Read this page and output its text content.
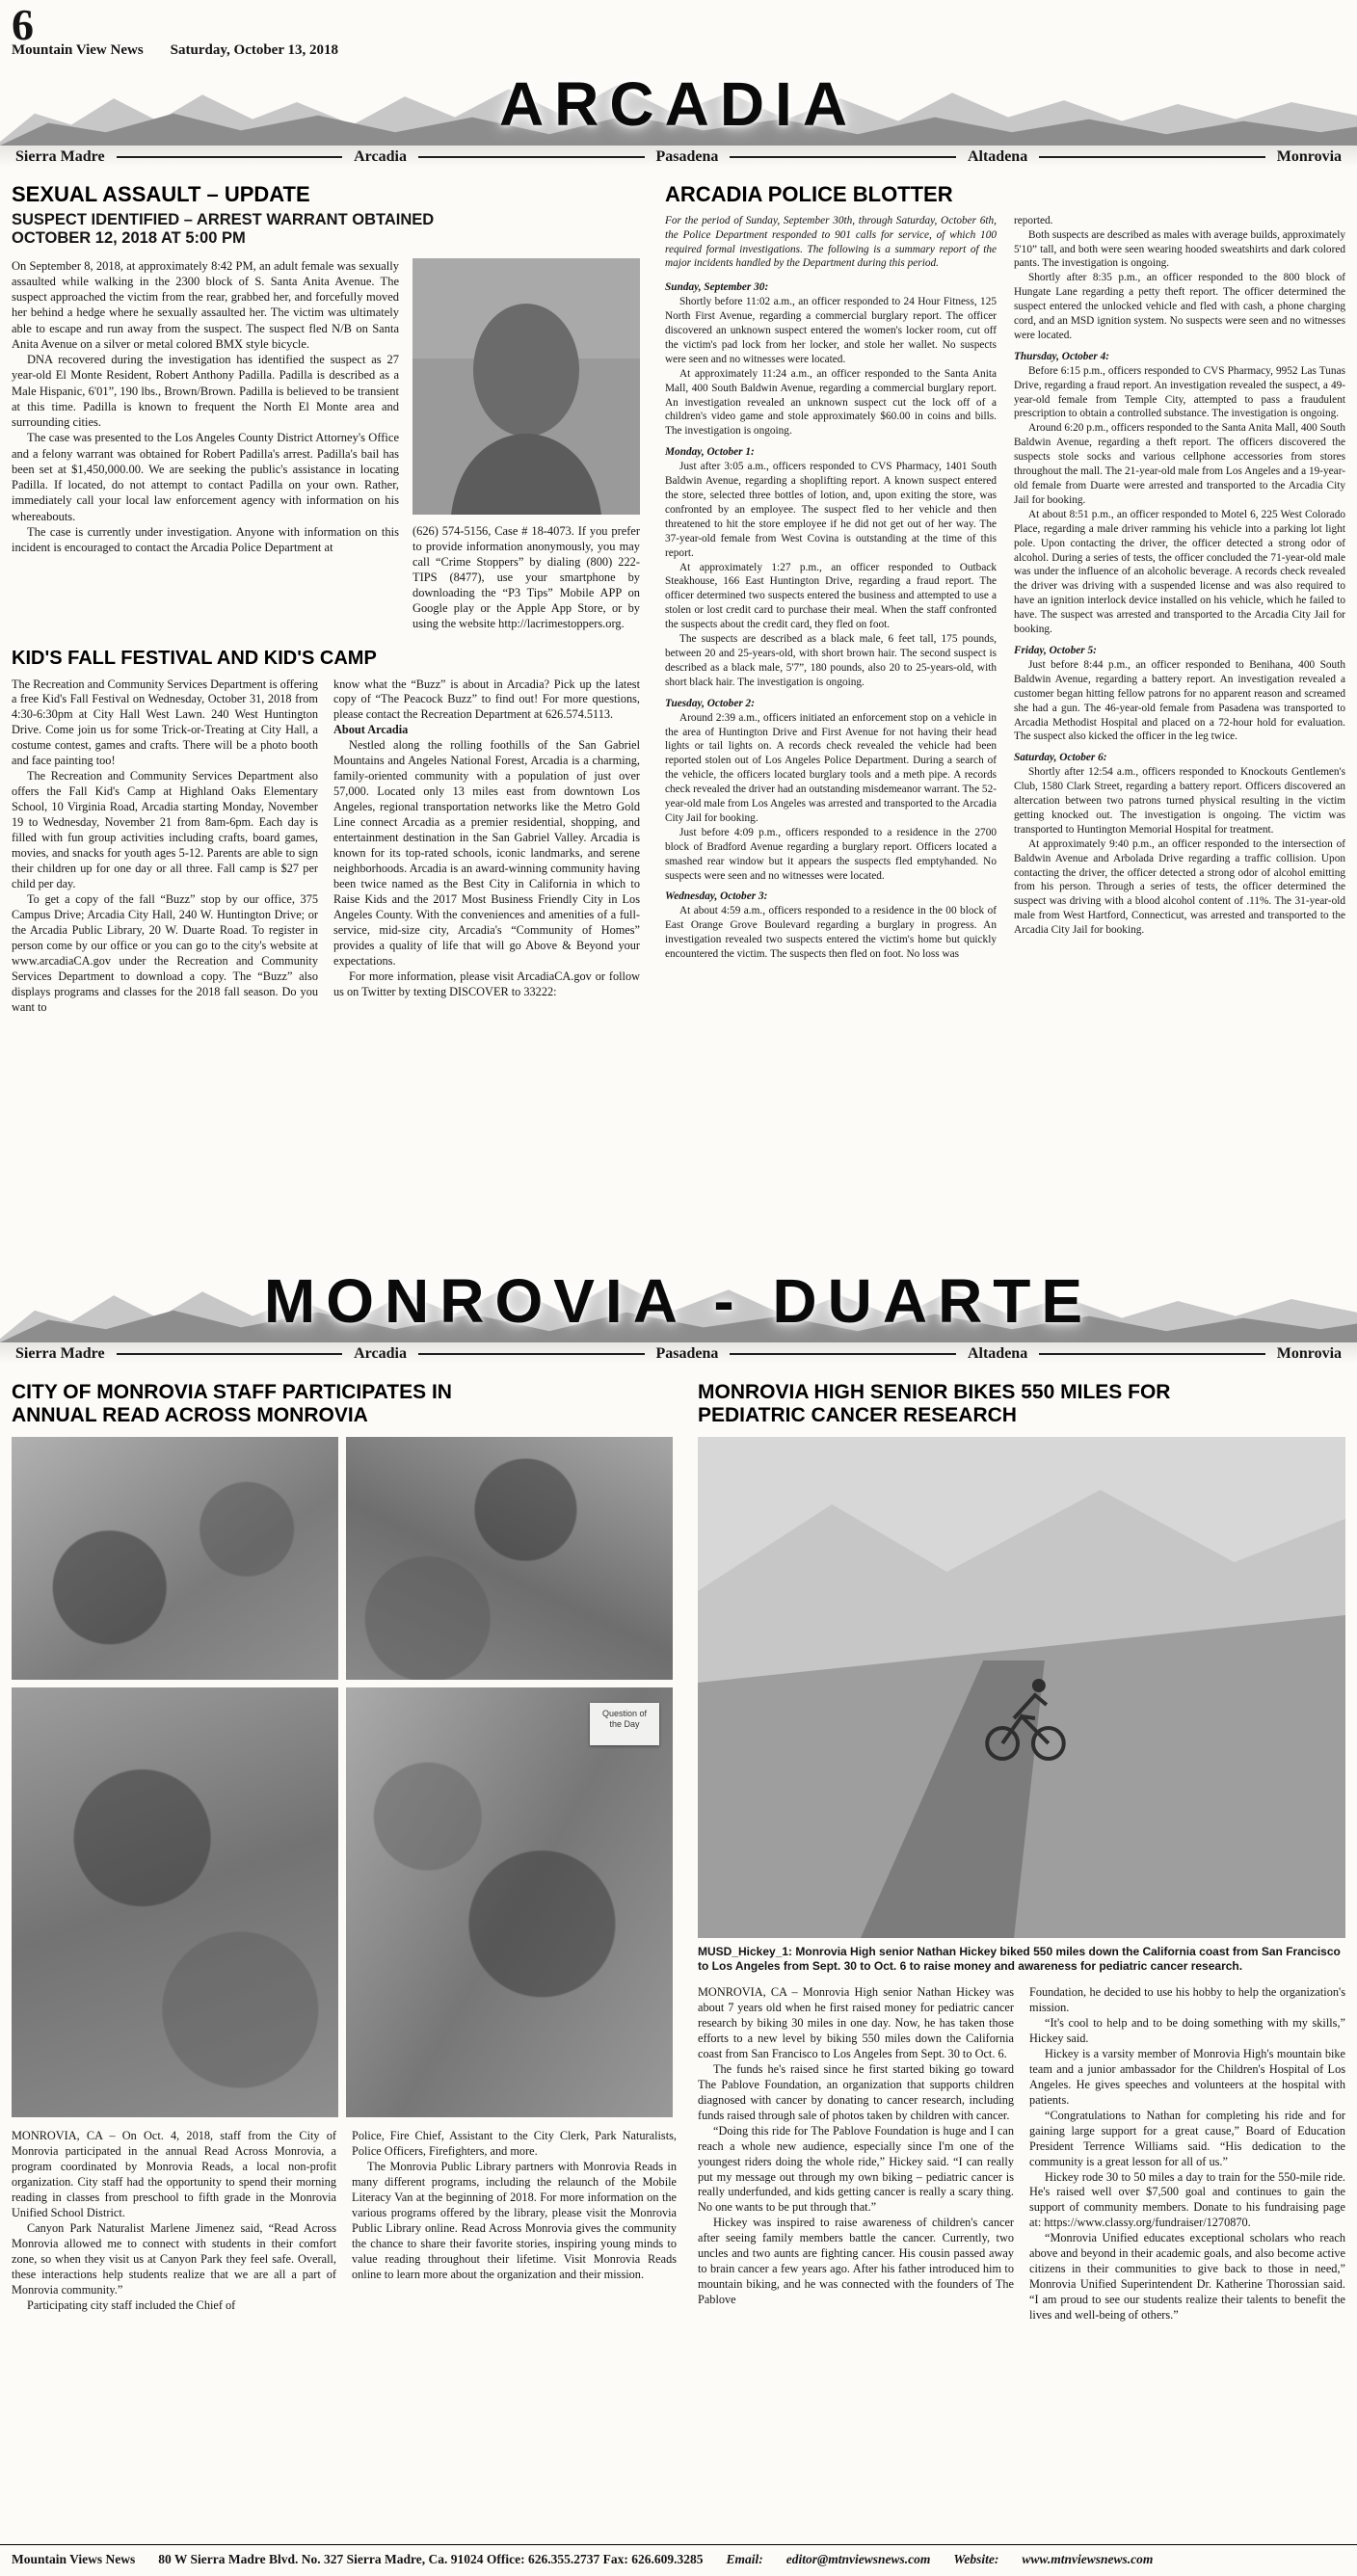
6
Mountain View News Saturday, October 13, 2018
ARCADIA
Sierra Madre	Arcadia	Pasadena	Altadena	Monrovia
SEXUAL ASSAULT – UPDATE
SUSPECT IDENTIFIED – ARREST WARRANT OBTAINED OCTOBER 12, 2018 AT 5:00 PM

On September 8, 2018, at approximately 8:42 PM, an adult female was sexually assaulted while walking in the 2300 block of S. Santa Anita Avenue. The suspect approached the victim from the rear, grabbed her, and forcefully moved her behind a hedge where he sexually assaulted her. The victim was ultimately able to escape and run away from the suspect. The suspect fled N/B on Santa Anita Avenue on a silver or metal colored BMX style bicycle.

DNA recovered during the investigation has identified the suspect as 27 year-old El Monte Resident, Robert Anthony Padilla. Padilla is described as a Male Hispanic, 6'01”, 190 lbs., Brown/Brown. Padilla is believed to be transient at this time. Padilla is known to frequent the North El Monte area and surrounding cities.

The case was presented to the Los Angeles County District Attorney's Office and a felony warrant was obtained for Robert Padilla's arrest. Padilla's bail has been set at $1,450,000.00. We are seeking the public's assistance in locating Padilla. If located, do not attempt to contact Padilla on your own. Rather, immediately call your local law enforcement agency with information on his whereabouts.

The case is currently under investigation. Anyone with information on this incident is encouraged to contact the Arcadia Police Department at

(626) 574-5156, Case # 18-4073. If you prefer to provide information anonymously, you may call “Crime Stoppers” by dialing (800) 222-TIPS (8477), use your smartphone by downloading the “P3 Tips” Mobile APP on Google play or the Apple App Store, or by using the website http://lacrimestoppers.org.
KID'S FALL FESTIVAL AND KID'S CAMP

The Recreation and Community Services Department is offering a free Kid's Fall Festival on Wednesday, October 31, 2018 from 4:30-6:30pm at City Hall West Lawn. 240 West Huntington Drive. Come join us for some Trick-or-Treating at City Hall, a costume contest, games and crafts. There will be a photo booth and face painting too!

The Recreation and Community Services Department also offers the Fall Kid's Camp at Highland Oaks Elementary School, 10 Virginia Road, Arcadia starting Monday, November 19 to Wednesday, November 21 from 8am-6pm. Each day is filled with fun group activities including crafts, board games, movies, and snacks for youth ages 5-12. Parents are able to sign their children up for one day or all three. Fall camp is $27 per child per day.

To get a copy of the fall “Buzz” stop by our office, 375 Campus Drive; Arcadia City Hall, 240 W. Huntington Drive; or the Arcadia Public Library, 20 W. Duarte Road. To register in person come by our office or you can go to the city's website at www.arcadiaCA.gov under the Recreation and Community Services Department to download a copy. The “Buzz” also displays programs and classes for the 2018 fall season. Do you want to

know what the “Buzz” is about in Arcadia? Pick up the latest copy of “The Peacock Buzz” to find out! For more questions, please contact the Recreation Department at 626.574.5113.

About Arcadia

Nestled along the rolling foothills of the San Gabriel Mountains and Angeles National Forest, Arcadia is a charming, family-oriented community with a population of just over 57,000. Located only 13 miles east from downtown Los Angeles, regional transportation networks like the Metro Gold Line connect Arcadia as a premier residential, shopping, and entertainment destination in the San Gabriel Valley. Arcadia is known for its top-rated schools, iconic landmarks, and serene neighborhoods. Arcadia is an award-winning community having been twice named as the Best City in California in which to Raise Kids and the 2017 Most Business Friendly City in Los Angeles County. With the conveniences and amenities of a full-service, mid-size city, Arcadia's “Community of Homes” provides a quality of life that will go Above & Beyond your expectations.

For more information, please visit ArcadiaCA.gov or follow us on Twitter by texting DISCOVER to 33222:

ARCADIA POLICE BLOTTER
For the period of Sunday, September 30th, through Saturday, October 6th, the Police Department responded to 901 calls for service, of which 100 required formal investigations. The following is a summary report of the major incidents handled by the Department during this period.

Sunday, September 30:

Shortly before 11:02 a.m., an officer responded to 24 Hour Fitness, 125 North First Avenue, regarding a commercial burglary report. The officer discovered an unknown suspect entered the women's locker room, cut off the victim's pad lock from her locker, and stole her wallet. No suspects were seen and no witnesses were located.

At approximately 11:24 a.m., an officer responded to the Santa Anita Mall, 400 South Baldwin Avenue, regarding a commercial burglary report. An investigation revealed an unknown suspect cut the lock off of a children's video game and stole approximately $60.00 in coins and bills. The investigation is ongoing.

Monday, October 1:

Just after 3:05 a.m., officers responded to CVS Pharmacy, 1401 South Baldwin Avenue, regarding a shoplifting report. A known suspect entered the store, selected three bottles of lotion, and, upon exiting the store, was confronted by an employee. The suspect fled to her vehicle and then threatened to hit the store employee if he did not get out of her way. The 37-year-old female from West Covina is outstanding at the time of this report.

At approximately 1:27 p.m., an officer responded to Outback Steakhouse, 166 East Huntington Drive, regarding a fraud report. The officer determined two suspects entered the business and attempted to use a stolen or lost credit card to purchase their meal. When the staff confronted the suspects about the credit card, they fled on foot.

The suspects are described as a black male, 6 feet tall, 175 pounds, between 20 and 25-years-old, with short brown hair. The second suspect is described as a black male, 5'7”, 180 pounds, also 20 to 25-years-old, with short black hair. The investigation is ongoing.

Tuesday, October 2:

Around 2:39 a.m., officers initiated an enforcement stop on a vehicle in the area of Huntington Drive and First Avenue for not having their head lights or tail lights on. A records check revealed the vehicle had been reported stolen out of Los Angeles Police Department. During a search of the vehicle, the officers located burglary tools and a meth pipe. A records check revealed the driver had an outstanding misdemeanor warrant. The 52-year-old male from Los Angeles was arrested and transported to the Arcadia City Jail for booking.

Just before 4:09 p.m., officers responded to a residence in the 2700 block of Bradford Avenue regarding a burglary report. Officers located a smashed rear window but it appears the suspects fled emptyhanded. No suspects were seen and no witnesses were located.

Wednesday, October 3:

At about 4:59 a.m., officers responded to a residence in the 00 block of East Orange Grove Boulevard regarding a burglary in progress. An investigation revealed two suspects entered the victim's home but quickly encountered the victim. The suspects then fled on foot. No loss was

reported.

Both suspects are described as males with average builds, approximately 5'10” tall, and both were seen wearing hooded sweatshirts and dark colored pants. The investigation is ongoing.

Shortly after 8:35 p.m., an officer responded to the 800 block of Hungate Lane regarding a petty theft report. The officer determined the suspect entered the unlocked vehicle and fled with cash, a phone charging cord, and an MSD ignition system. No suspects were seen and no witnesses were located.

Thursday, October 4:

Before 6:15 p.m., officers responded to CVS Pharmacy, 9952 Las Tunas Drive, regarding a fraud report. An investigation revealed the suspect, a 49-year-old female from Temple City, attempted to pass a fraudulent prescription to obtain a controlled substance. The investigation is ongoing.

Around 6:20 p.m., officers responded to the Santa Anita Mall, 400 South Baldwin Avenue, regarding a theft report. The officers discovered the suspects stole socks and various cellphone accessories from stores throughout the mall. The 21-year-old male from Los Angeles and a 19-year-old female from Duarte were arrested and transported to the Arcadia City Jail for booking.

At about 8:51 p.m., an officer responded to Motel 6, 225 West Colorado Place, regarding a male driver ramming his vehicle into a parking lot light pole. Upon contacting the driver, the officer detected a strong odor of alcohol. During a series of tests, the officer concluded the 71-year-old male was under the influence of an alcoholic beverage. A records check revealed the driver was driving with a suspended license and was also required to have an ignition interlock device installed on his vehicle, which he failed to have. The suspect was arrested and transported to the Arcadia City Jail for booking.

Friday, October 5:

Just before 8:44 p.m., an officer responded to Benihana, 400 South Baldwin Avenue, regarding a battery report. An investigation revealed a customer began hitting fellow patrons for no apparent reason and screamed she had a gun. The 46-year-old female from Pasadena was transported to Arcadia Methodist Hospital and placed on a 72-hour hold for evaluation. The suspect also kicked the officer in the leg twice.

Saturday, October 6:

Shortly after 12:54 a.m., officers responded to Knockouts Gentlemen's Club, 1580 Clark Street, regarding a battery report. Officers discovered an altercation between two patrons turned physical resulting in the victim getting knocked out. The investigation is ongoing. The victim was transported to Huntington Memorial Hospital for treatment.

At approximately 9:40 p.m., an officer responded to the intersection of Baldwin Avenue and Arbolada Drive regarding a traffic collision. Upon contacting the driver, the officer detected a strong odor of alcohol emitting from his person. Through a series of tests, the officer determined the suspect was driving with a blood alcohol content of .11%. The 31-year-old male from West Hartford, Connecticut, was arrested and transported to the Arcadia City Jail for booking.

MONROVIA - DUARTE
Sierra Madre	Arcadia	Pasadena	Altadena	Monrovia
CITY OF MONROVIA STAFF PARTICIPATES IN ANNUAL READ ACROSS MONROVIA
Question of the Day

MONROVIA, CA – On Oct. 4, 2018, staff from the City of Monrovia participated in the annual Read Across Monrovia, a program coordinated by Monrovia Reads, a local non-profit organization. City staff had the opportunity to spend their morning reading in classes from preschool to fifth grade in the Monrovia Unified School District.

Canyon Park Naturalist Marlene Jimenez said, “Read Across Monrovia allowed me to connect with students in their comfort zone, so when they visit us at Canyon Park they feel safe. Overall, these interactions help students realize that we are all a part of Monrovia community.”

Participating city staff included the Chief of

Police, Fire Chief, Assistant to the City Clerk, Park Naturalists, Police Officers, Firefighters, and more.

The Monrovia Public Library partners with Monrovia Reads in many different programs, including the relaunch of the Mobile Literacy Van at the beginning of 2018. For more information on the various programs offered by the library, please visit the Monrovia Public Library online. Read Across Monrovia gives the community the chance to share their favorite stories, inspiring young minds to value reading throughout their lifetime. Visit Monrovia Reads online to learn more about the organization and their mission.

MONROVIA HIGH SENIOR BIKES 550 MILES FOR PEDIATRIC CANCER RESEARCH
MUSD_Hickey_1: Monrovia High senior Nathan Hickey biked 550 miles down the California coast from San Francisco to Los Angeles from Sept. 30 to Oct. 6 to raise money and awareness for pediatric cancer research.

MONROVIA, CA – Monrovia High senior Nathan Hickey was about 7 years old when he first raised money for pediatric cancer research by biking 30 miles in one day. Now, he has taken those efforts to a new level by biking 550 miles down the California coast from San Francisco to Los Angeles from Sept. 30 to Oct. 6.

The funds he's raised since he first started biking go toward The Pablove Foundation, an organization that supports children diagnosed with cancer by donating to cancer research, including funds raised through sale of photos taken by children with cancer.

“Doing this ride for The Pablove Foundation is huge and I can reach a whole new audience, especially since I'm one of the youngest riders doing the whole ride,” Hickey said. “I can really put my message out through my own biking – pediatric cancer is really underfunded, and kids getting cancer is really a scary thing. No one wants to be put through that.”

Hickey was inspired to raise awareness of children's cancer after seeing family members battle the cancer. Currently, two uncles and two aunts are fighting cancer. His cousin passed away to brain cancer a few years ago. After his father introduced him to mountain biking, and he was connected with the founders of The Pablove

Foundation, he decided to use his hobby to help the organization's mission.

“It's cool to help and to be doing something with my skills,” Hickey said.

Hickey is a varsity member of Monrovia High's mountain bike team and a junior ambassador for the Children's Hospital of Los Angeles. He gives speeches and volunteers at the hospital with patients.

“Congratulations to Nathan for completing his ride and for gaining large support for a great cause,” Board of Education President Terrence Williams said. “His dedication to the community is a great lesson for all of us.”

Hickey rode 30 to 50 miles a day to train for the 550-mile ride. He's raised well over $7,500 goal and continues to gain the support of community members. Donate to his fundraising page at: https://www.classy.org/fundraiser/1270870.

“Monrovia Unified educates exceptional scholars who reach above and beyond in their academic goals, and also become active citizens in their communities to give back to those in need,” Monrovia Unified Superintendent Dr. Katherine Thorossian said. “I am proud to see our students realize their talents to benefit the lives and well-being of others.”

Mountain Views News 80 W Sierra Madre Blvd. No. 327 Sierra Madre, Ca. 91024 Office: 626.355.2737 Fax: 626.609.3285 Email: editor@mtnviewsnews.com Website: www.mtnviewsnews.com
